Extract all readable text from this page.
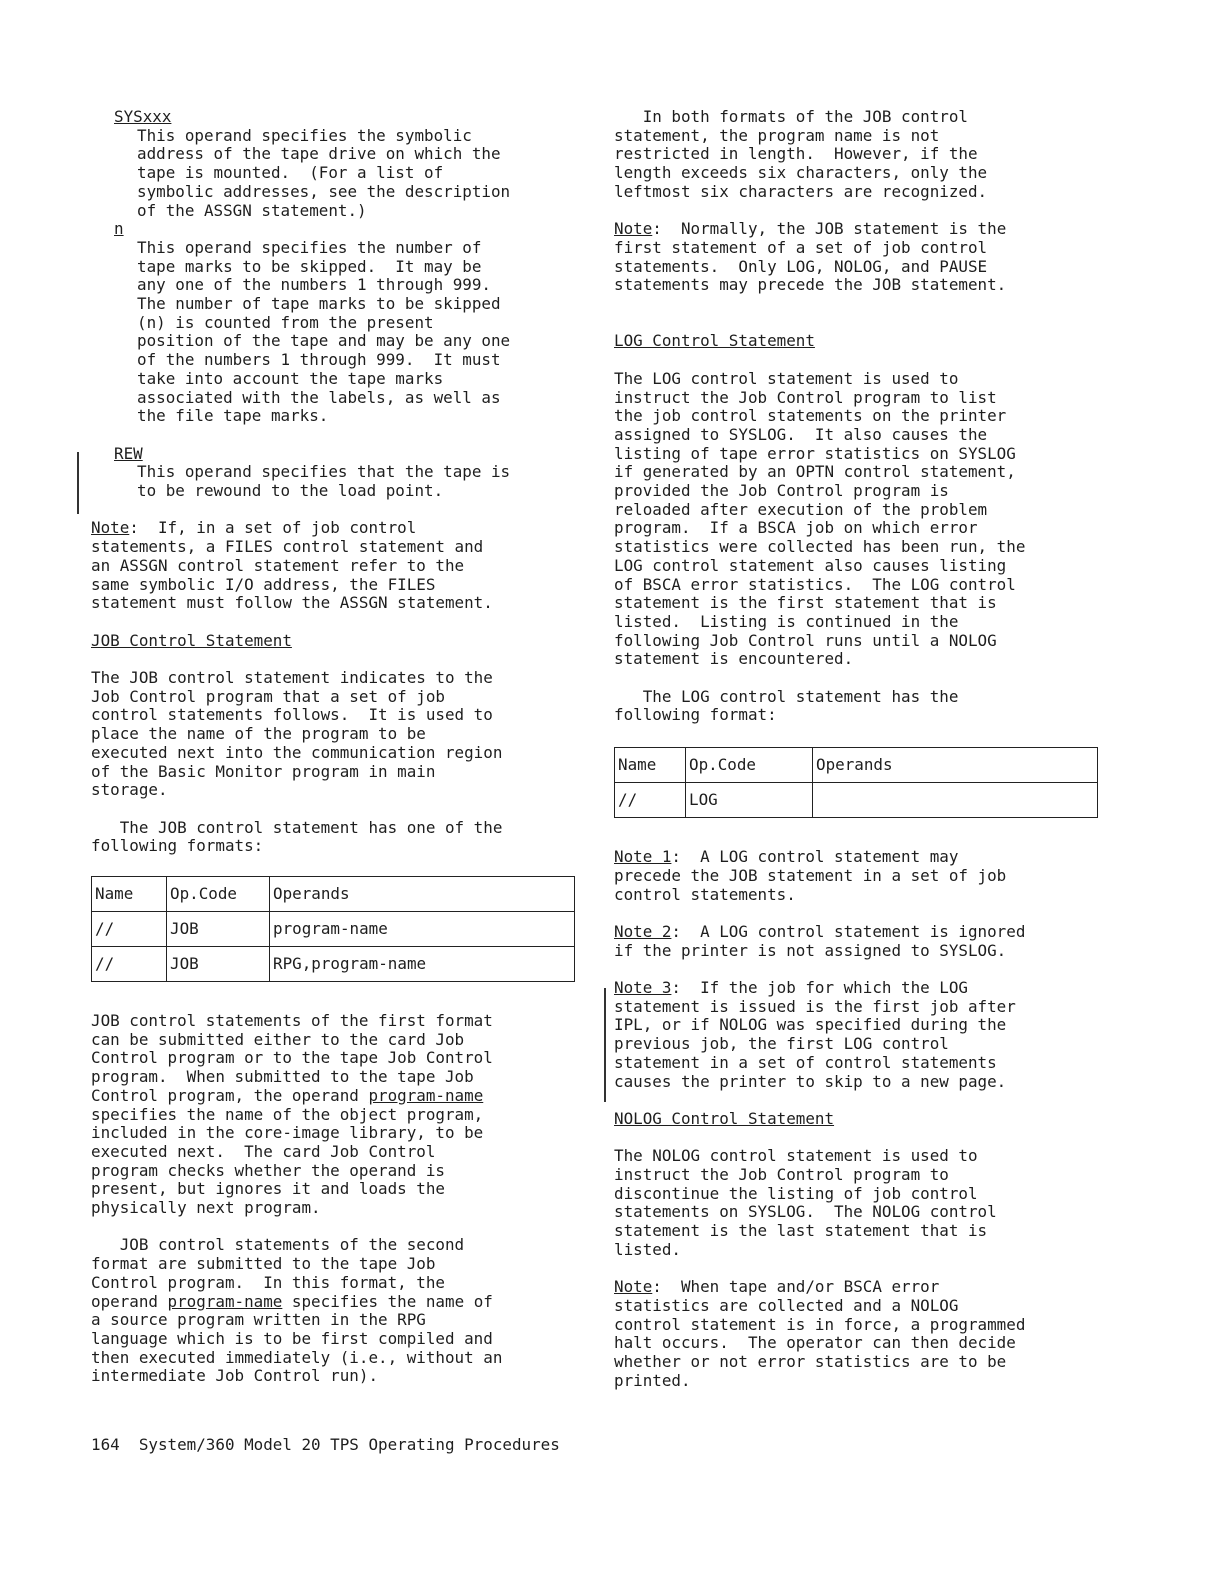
SYSxxx

This operand specifies the symbolic

address of the tape drive on which the

tape is mounted.  (For a list of

symbolic addresses, see the description

of the ASSGN statement.)

n

This operand specifies the number of

tape marks to be skipped.  It may be

any one of the numbers 1 through 999.

The number of tape marks to be skipped

(n) is counted from the present

position of the tape and may be any one

of the numbers 1 through 999.  It must

take into account the tape marks

associated with the labels, as well as

the file tape marks.

REW

This operand specifies that the tape is

to be rewound to the load point.

Note:  If, in a set of job control

statements, a FILES control statement and

an ASSGN control statement refer to the

same symbolic I/O address, the FILES

statement must follow the ASSGN statement.

JOB Control Statement

The JOB control statement indicates to the

Job Control program that a set of job

control statements follows.  It is used to

place the name of the program to be

executed next into the communication region

of the Basic Monitor program in main

storage.

The JOB control statement has one of the

following formats:

Name	Op.Code	Operands
//	JOB	program-name
//	JOB	RPG,program-name

JOB control statements of the first format

can be submitted either to the card Job

Control program or to the tape Job Control

program.  When submitted to the tape Job

Control program, the operand program-name

specifies the name of the object program,

included in the core-image library, to be

executed next.  The card Job Control

program checks whether the operand is

present, but ignores it and loads the

physically next program.

JOB control statements of the second

format are submitted to the tape Job

Control program.  In this format, the

operand program-name specifies the name of

a source program written in the RPG

language which is to be first compiled and

then executed immediately (i.e., without an

intermediate Job Control run).

In both formats of the JOB control

statement, the program name is not

restricted in length.  However, if the

length exceeds six characters, only the

leftmost six characters are recognized.

Note:  Normally, the JOB statement is the

first statement of a set of job control

statements.  Only LOG, NOLOG, and PAUSE

statements may precede the JOB statement.

LOG Control Statement

The LOG control statement is used to

instruct the Job Control program to list

the job control statements on the printer

assigned to SYSLOG.  It also causes the

listing of tape error statistics on SYSLOG

if generated by an OPTN control statement,

provided the Job Control program is

reloaded after execution of the problem

program.  If a BSCA job on which error

statistics were collected has been run, the

LOG control statement also causes listing

of BSCA error statistics.  The LOG control

statement is the first statement that is

listed.  Listing is continued in the

following Job Control runs until a NOLOG

statement is encountered.

The LOG control statement has the

following format:

Name	Op.Code	Operands
//	LOG	

Note 1:  A LOG control statement may

precede the JOB statement in a set of job

control statements.

Note 2:  A LOG control statement is ignored

if the printer is not assigned to SYSLOG.

Note 3:  If the job for which the LOG

statement is issued is the first job after

IPL, or if NOLOG was specified during the

previous job, the first LOG control

statement in a set of control statements

causes the printer to skip to a new page.

NOLOG Control Statement

The NOLOG control statement is used to

instruct the Job Control program to

discontinue the listing of job control

statements on SYSLOG.  The NOLOG control

statement is the last statement that is

listed.

Note:  When tape and/or BSCA error

statistics are collected and a NOLOG

control statement is in force, a programmed

halt occurs.  The operator can then decide

whether or not error statistics are to be

printed.

164  System/360 Model 20 TPS Operating Procedures
